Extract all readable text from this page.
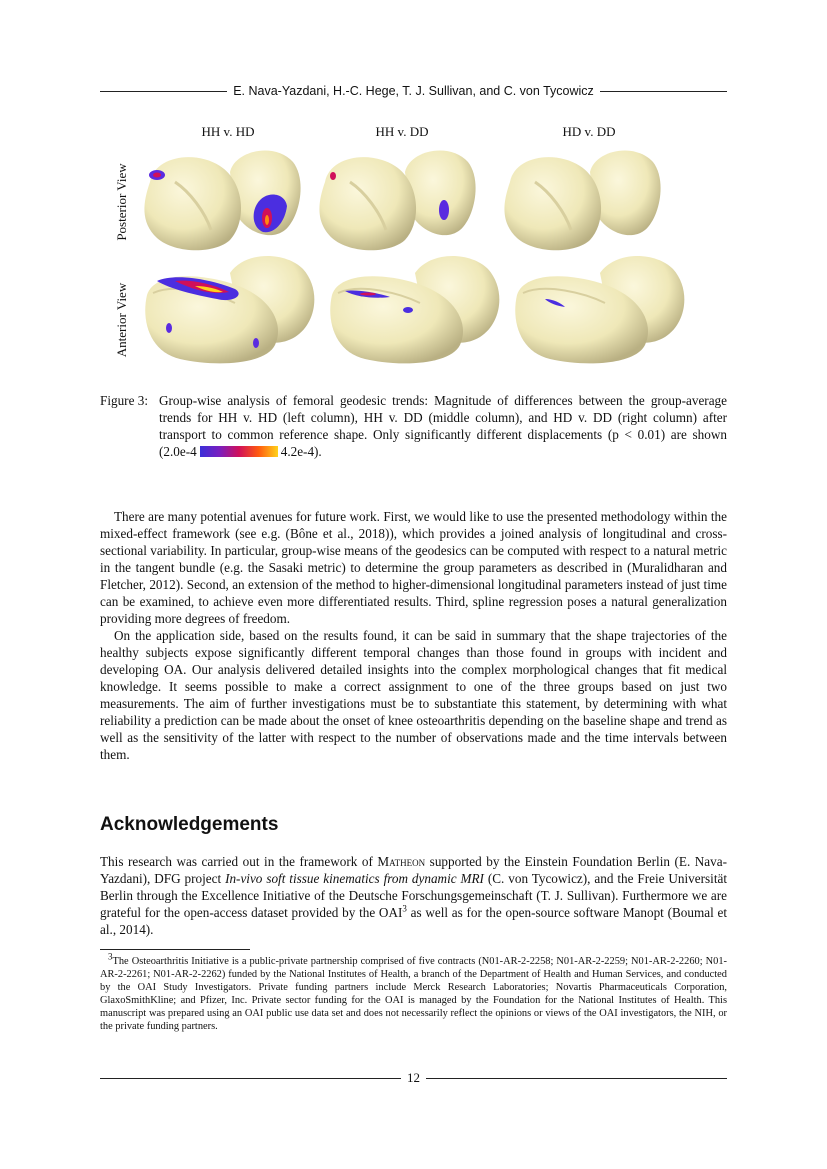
E. Nava-Yazdani, H.-C. Hege, T. J. Sullivan, and C. von Tycowicz
HH v. HD	HH v. DD	HD v. DD
Posterior View
Anterior View
Figure 3: Group-wise analysis of femoral geodesic trends: Magnitude of differences between the group-average trends for HH v. HD (left column), HH v. DD (middle column), and HD v. DD (right column) after transport to common reference shape. Only significantly different displacements (p < 0.01) are shown (2.0e-4	4.2e-4).

There are many potential avenues for future work. First, we would like to use the presented methodology within the mixed-effect framework (see e.g. (Bône et al., 2018)), which provides a joined analysis of longitudinal and cross-sectional variability. In particular, group-wise means of the geodesics can be computed with respect to a natural metric in the tangent bundle (e.g. the Sasaki metric) to determine the group parameters as described in (Muralidharan and Fletcher, 2012). Second, an extension of the method to higher-dimensional longitudinal parameters instead of just time can be examined, to achieve even more differentiated results. Third, spline regression poses a natural generalization providing more degrees of freedom.

On the application side, based on the results found, it can be said in summary that the shape trajectories of the healthy subjects expose significantly different temporal changes than those found in groups with incident and developing OA. Our analysis delivered detailed insights into the complex morphological changes that fit medical knowledge. It seems possible to make a correct assignment to one of the three groups based on just two measurements. The aim of further investigations must be to substantiate this statement, by determining with what reliability a prediction can be made about the onset of knee osteoarthritis depending on the baseline shape and trend as well as the sensitivity of the latter with respect to the number of observations made and the time intervals between them.

Acknowledgements

This research was carried out in the framework of Matheon supported by the Einstein Foundation Berlin (E. Nava-Yazdani), DFG project In-vivo soft tissue kinematics from dynamic MRI (C. von Tycowicz), and the Freie Universität Berlin through the Excellence Initiative of the Deutsche Forschungsgemeinschaft (T. J. Sullivan). Furthermore we are grateful for the open-access dataset provided by the OAI$^3$ as well as for the open-source software Manopt (Boumal et al., 2014).

$^3$The Osteoarthritis Initiative is a public-private partnership comprised of five contracts (N01-AR-2-2258; N01-AR-2-2259; N01-AR-2-2260; N01-AR-2-2261; N01-AR-2-2262) funded by the National Institutes of Health, a branch of the Department of Health and Human Services, and conducted by the OAI Study Investigators. Private funding partners include Merck Research Laboratories; Novartis Pharmaceuticals Corporation, GlaxoSmithKline; and Pfizer, Inc. Private sector funding for the OAI is managed by the Foundation for the National Institutes of Health. This manuscript was prepared using an OAI public use data set and does not necessarily reflect the opinions or views of the OAI investigators, the NIH, or the private funding partners.

12
